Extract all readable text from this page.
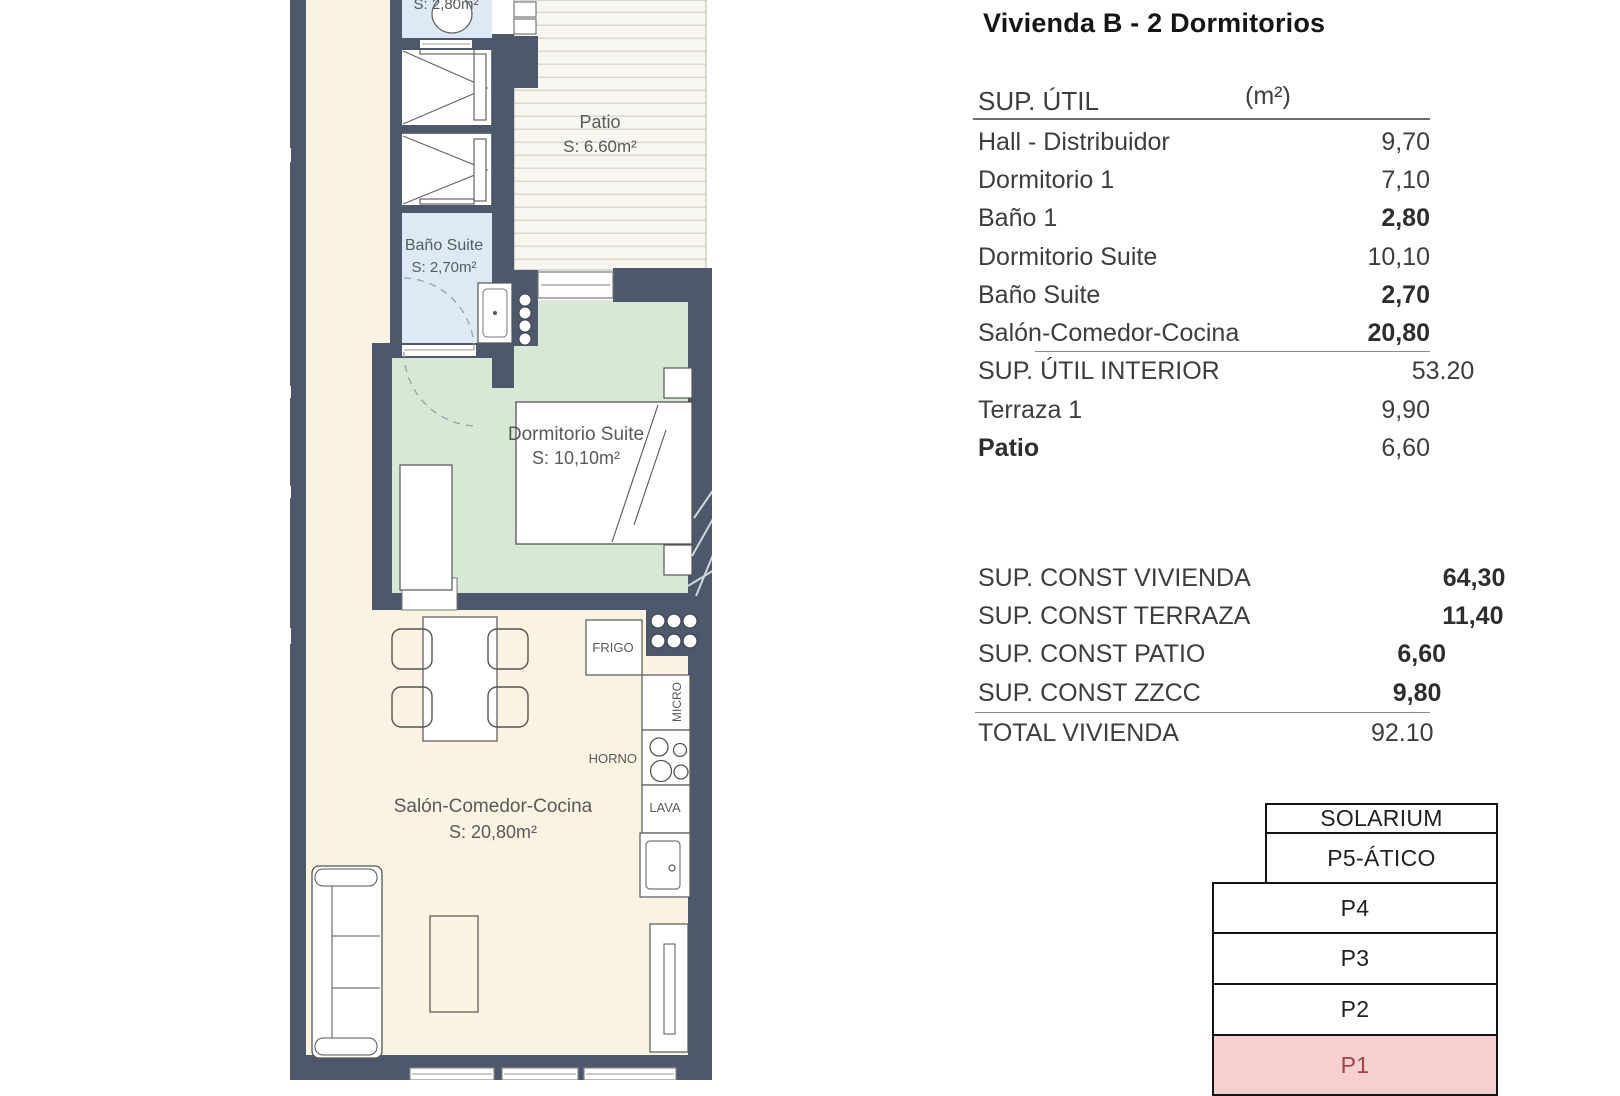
S: 2,80m²
Patio
S: 6.60m²
Baño Suite
S: 2,70m²
Dormitorio Suite
S: 10,10m²
Salón-Comedor-Cocina
S: 20,80m²
FRIGO
MICRO
HORNO
LAVA
Vivienda B - 2 Dormitorios
SUP. ÚTIL	(m²)
Hall - Distribuidor	9,70
Dormitorio 1	7,10
Baño 1	2,80
Dormitorio Suite	10,10
Baño Suite	2,70
Salón-Comedor-Cocina	20,80
SUP. ÚTIL INTERIOR	53.20
Terraza 1	9,90
Patio	6,60
SUP. CONST VIVIENDA	64,30
SUP. CONST TERRAZA	11,40
SUP. CONST PATIO	6,60
SUP. CONST ZZCC	9,80
TOTAL VIVIENDA	92.10
SOLARIUM
P5-ÁTICO
P4
P3
P2
P1
